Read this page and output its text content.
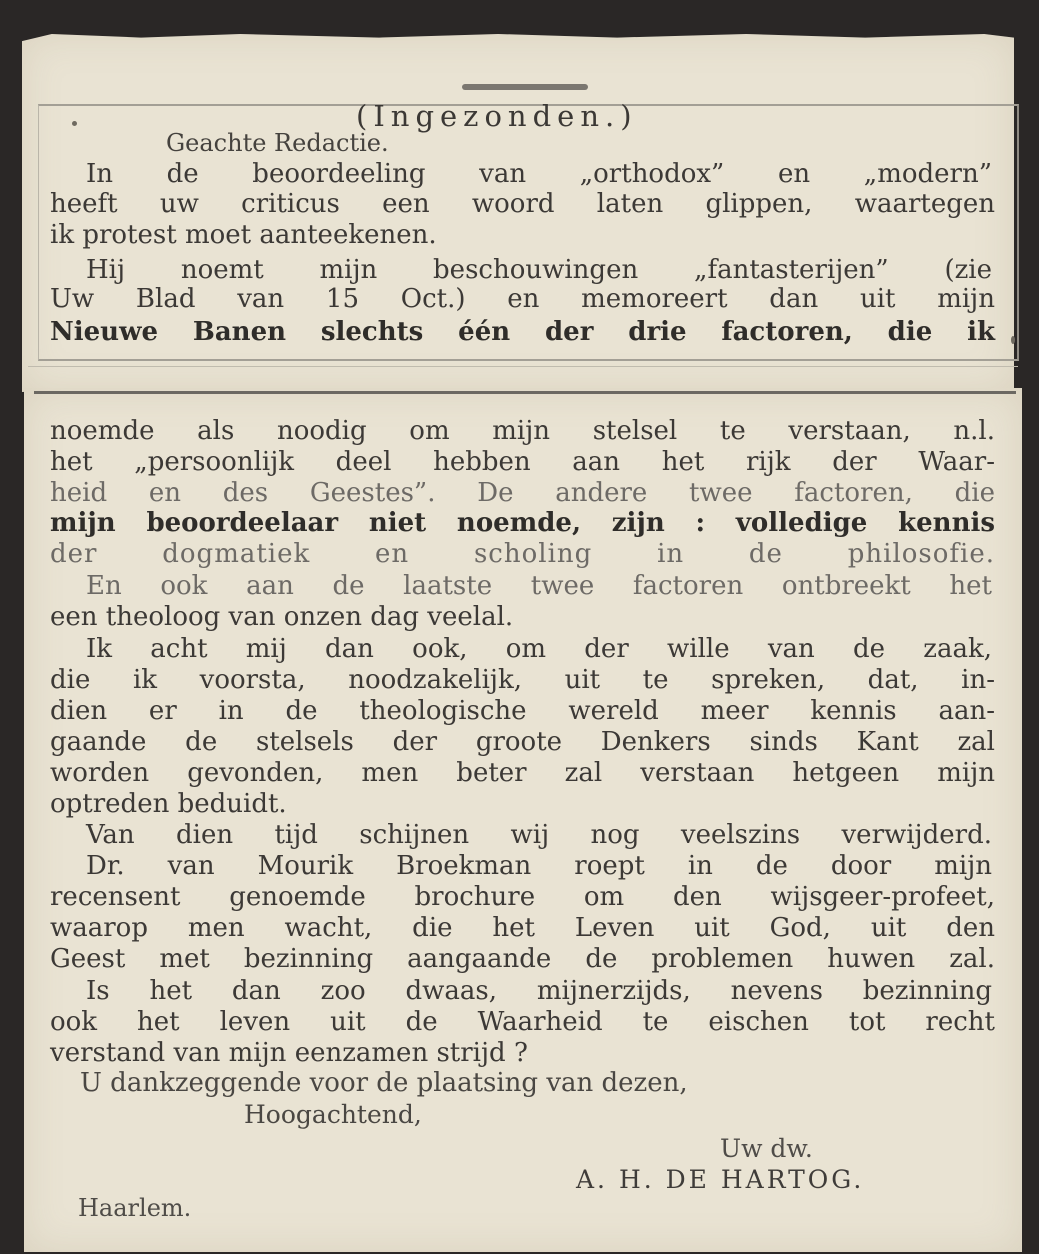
(Ingezonden.)

Geachte Redactie.

In de beoordeeling van „orthodox” en „modern”

heeft uw criticus een woord laten glippen, waartegen

ik protest moet aanteekenen.

Hij noemt mijn beschouwingen „fantasterijen” (zie

Uw Blad van 15 Oct.) en memoreert dan uit mijn

Nieuwe Banen slechts één der drie factoren, die ik

noemde als noodig om mijn stelsel te verstaan, n.l.

het „persoonlijk deel hebben aan het rijk der Waar-

heid en des Geestes”. De andere twee factoren, die

mijn beoordeelaar niet noemde, zijn : volledige kennis

der dogmatiek en scholing in de philosofie.

En ook aan de laatste twee factoren ontbreekt het

een theoloog van onzen dag veelal.

Ik acht mij dan ook, om der wille van de zaak,

die ik voorsta, noodzakelijk, uit te spreken, dat, in-

dien er in de theologische wereld meer kennis aan-

gaande de stelsels der groote Denkers sinds Kant zal

worden gevonden, men beter zal verstaan hetgeen mijn

optreden beduidt.

Van dien tijd schijnen wij nog veelszins verwijderd.

Dr. van Mourik Broekman roept in de door mijn

recensent genoemde brochure om den wijsgeer-profeet,

waarop men wacht, die het Leven uit God, uit den

Geest met bezinning aangaande de problemen huwen zal.

Is het dan zoo dwaas, mijnerzijds, nevens bezinning

ook het leven uit de Waarheid te eischen tot recht

verstand van mijn eenzamen strijd ?

U dankzeggende voor de plaatsing van dezen,

Hoogachtend,

Uw dw.

A. H. DE HARTOG.

Haarlem.
